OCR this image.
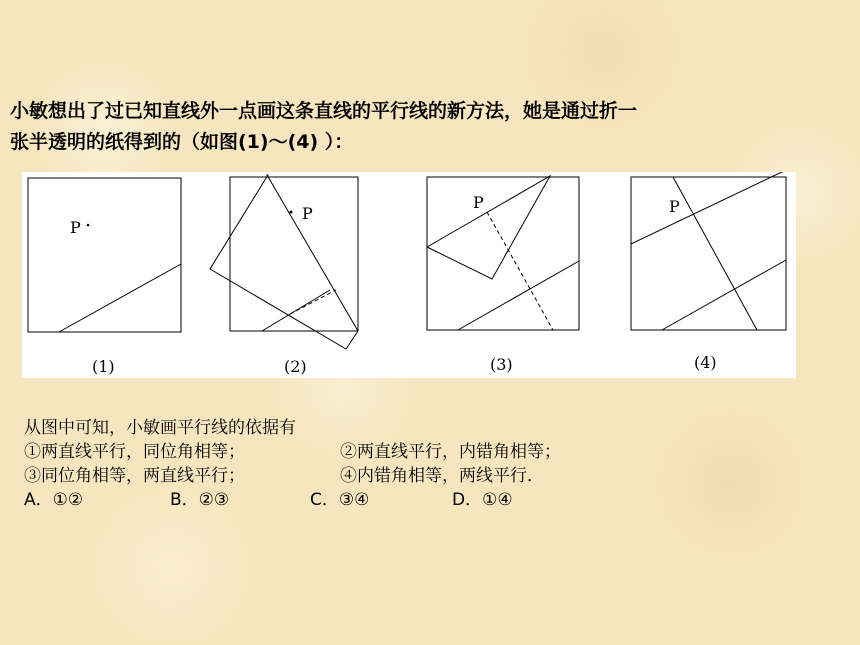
小敏想出了过已知直线外一点画这条直线的平行线的新方法，她是通过折一
张半透明的纸得到的（如图(1)～(4) ）：
P
(1)
P
(2)
P
(3)
P
(4)
从图中可知，小敏画平行线的依据有
①两直线平行，同位角相等；	②两直线平行，内错角相等；
③同位角相等，两直线平行；	④内错角相等，两线平行．
A．①②	B．②③	C．③④	D．①④
